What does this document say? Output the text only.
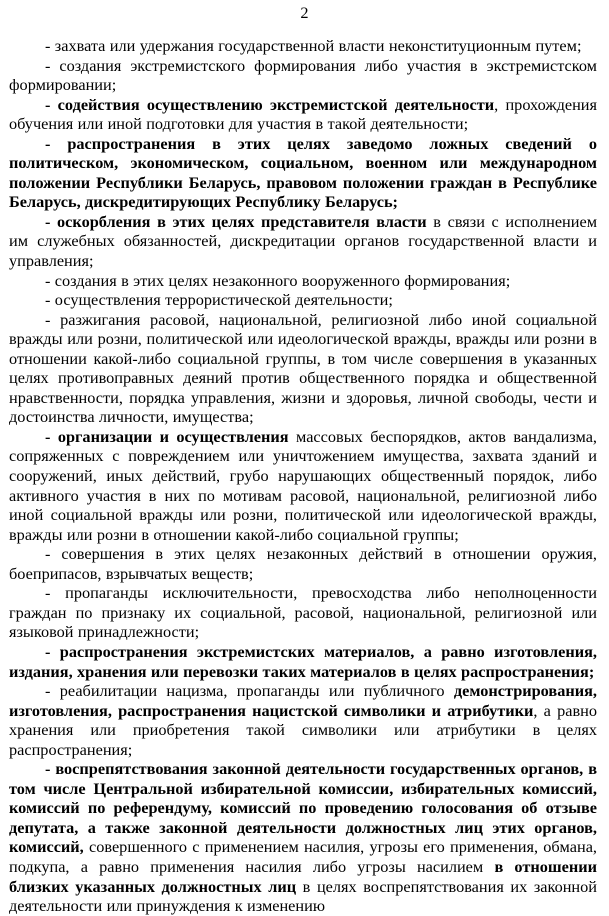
2

- захвата или удержания государственной власти неконституционным путем;

- создания экстремистского формирования либо участия в экстремистском формировании;

- содействия осуществлению экстремистской деятельности, прохождения обучения или иной подготовки для участия в такой деятельности;

- распространения в этих целях заведомо ложных сведений о политическом, экономическом, социальном, военном или международном положении Республики Беларусь, правовом положении граждан в Республике Беларусь, дискредитирующих Республику Беларусь;

- оскорбления в этих целях представителя власти в связи с исполнением им служебных обязанностей, дискредитации органов государственной власти и управления;

- создания в этих целях незаконного вооруженного формирования;

- осуществления террористической деятельности;

- разжигания расовой, национальной, религиозной либо иной социальной вражды или розни, политической или идеологической вражды, вражды или розни в отношении какой-либо социальной группы, в том числе совершения в указанных целях противоправных деяний против общественного порядка и общественной нравственности, порядка управления, жизни и здоровья, личной свободы, чести и достоинства личности, имущества;

- организации и осуществления массовых беспорядков, актов вандализма, сопряженных с повреждением или уничтожением имущества, захвата зданий и сооружений, иных действий, грубо нарушающих общественный порядок, либо активного участия в них по мотивам расовой, национальной, религиозной либо иной социальной вражды или розни, политической или идеологической вражды, вражды или розни в отношении какой-либо социальной группы;

- совершения в этих целях незаконных действий в отношении оружия, боеприпасов, взрывчатых веществ;

- пропаганды исключительности, превосходства либо неполноценности граждан по признаку их социальной, расовой, национальной, религиозной или языковой принадлежности;

- распространения экстремистских материалов, а равно изготовления, издания, хранения или перевозки таких материалов в целях распространения;

- реабилитации нацизма, пропаганды или публичного демонстрирования, изготовления, распространения нацистской символики и атрибутики, а равно хранения или приобретения такой символики или атрибутики в целях распространения;

- воспрепятствования законной деятельности государственных органов, в том числе Центральной избирательной комиссии, избирательных комиссий, комиссий по референдуму, комиссий по проведению голосования об отзыве депутата, а также законной деятельности должностных лиц этих органов, комиссий, совершенного с применением насилия, угрозы его применения, обмана, подкупа, а равно применения насилия либо угрозы насилием в отношении близких указанных должностных лиц в целях воспрепятствования их законной деятельности или принуждения к изменению
